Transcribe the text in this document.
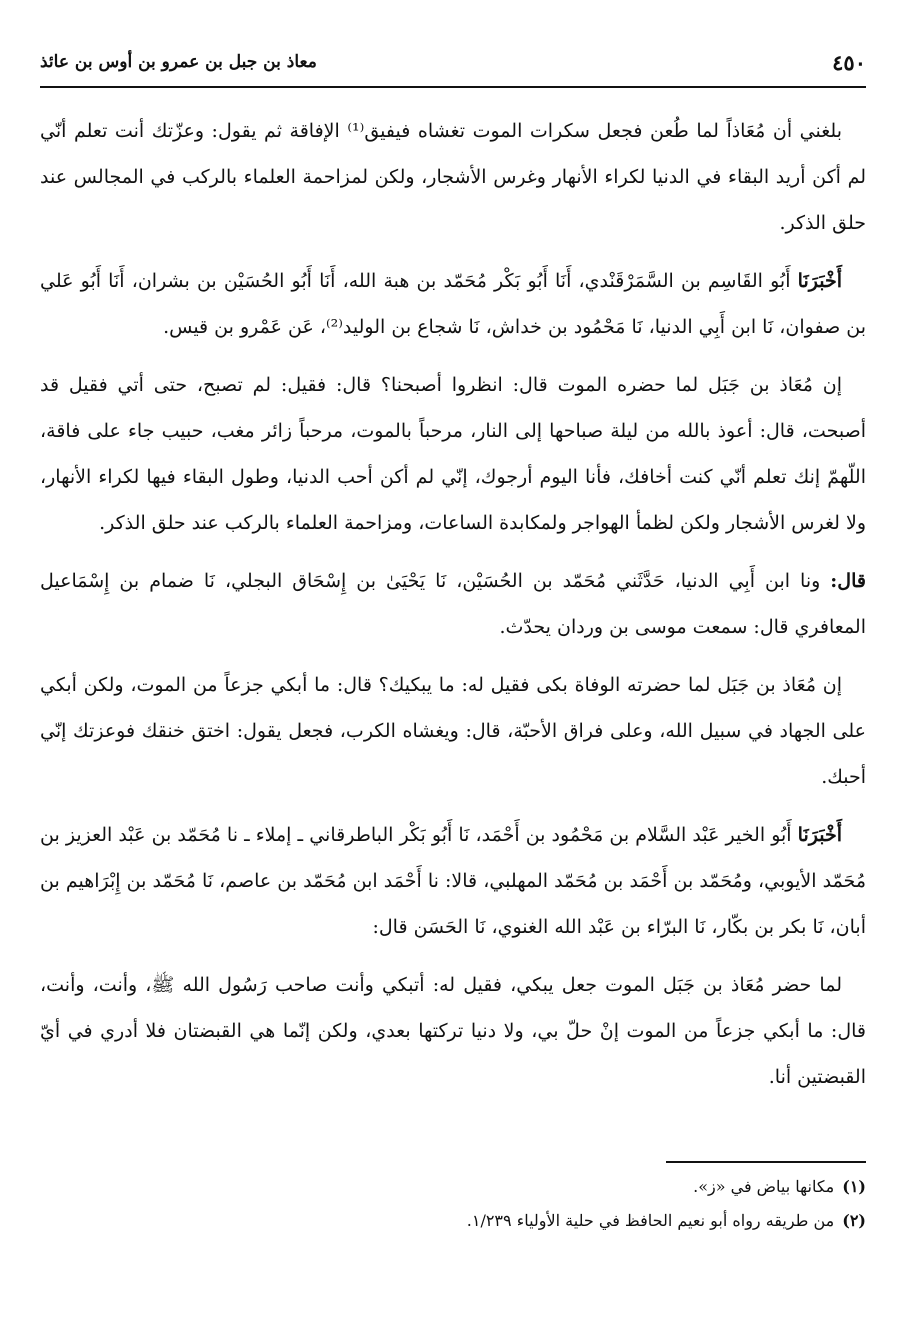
٤٥٠
معاذ بن جبل بن عمرو بن أوس بن عائذ

بلغني أن مُعَاذاً لما طُعن فجعل سكرات الموت تغشاه فيفيق⁽¹⁾ الإفاقة ثم يقول: وعزّتك أنت تعلم أنّي لم أكن أريد البقاء في الدنيا لكراء الأنهار وغرس الأشجار، ولكن لمزاحمة العلماء بالركب في المجالس عند حلق الذكر.

أَخْبَرَنَا أَبُو القَاسِم بن السَّمَرْقَنْدي، أَنَا أَبُو بَكْر مُحَمّد بن هبة الله، أَنَا أَبُو الحُسَيْن بن بشران، أَنَا أَبُو عَلي بن صفوان، نَا ابن أَبِي الدنيا، نَا مَحْمُود بن خداش، نَا شجاع بن الوليد⁽²⁾، عَن عَمْرو بن قيس.

إن مُعَاذ بن جَبَل لما حضره الموت قال: انظروا أصبحنا؟ قال: فقيل: لم تصبح، حتى أتي فقيل قد أصبحت، قال: أعوذ بالله من ليلة صباحها إلى النار، مرحباً بالموت، مرحباً زائر مغب، حبيب جاء على فاقة، اللّهمّ إنك تعلم أنّي كنت أخافك، فأنا اليوم أرجوك، إنّي لم أكن أحب الدنيا، وطول البقاء فيها لكراء الأنهار، ولا لغرس الأشجار ولكن لظمأ الهواجر ولمكابدة الساعات، ومزاحمة العلماء بالركب عند حلق الذكر.

قال: ونا ابن أَبِي الدنيا، حَدَّثَني مُحَمّد بن الحُسَيْن، نَا يَحْيَىٰ بن إِسْحَاق البجلي، نَا ضمام بن إِسْمَاعيل المعافري قال: سمعت موسى بن وردان يحدّث.

إن مُعَاذ بن جَبَل لما حضرته الوفاة بكى فقيل له: ما يبكيك؟ قال: ما أبكي جزعاً من الموت، ولكن أبكي على الجهاد في سبيل الله، وعلى فراق الأحبّة، قال: ويغشاه الكرب، فجعل يقول: اختق خنقك فوعزتك إنّي أحبك.

أَخْبَرَنَا أَبُو الخير عَبْد السَّلام بن مَحْمُود بن أَحْمَد، نَا أَبُو بَكْر الباطرقاني ـ إملاء ـ نا مُحَمّد بن عَبْد العزيز بن مُحَمّد الأيوبي، ومُحَمّد بن أَحْمَد بن مُحَمّد المهلبي، قالا: نا أَحْمَد ابن مُحَمّد بن عاصم، نَا مُحَمّد بن إِبْرَاهيم بن أبان، نَا بكر بن بكّار، نَا البرّاء بن عَبْد الله الغنوي، نَا الحَسَن قال:

لما حضر مُعَاذ بن جَبَل الموت جعل يبكي، فقيل له: أتبكي وأنت صاحب رَسُول الله ﷺ، وأنت، وأنت، قال: ما أبكي جزعاً من الموت إنْ حلّ بي، ولا دنيا تركتها بعدي، ولكن إنّما هي القبضتان فلا أدري في أيّ القبضتين أنا.

(١)مكانها بياض في «ز».

(٢)من طريقه رواه أبو نعيم الحافظ في حلية الأولياء ١/٢٣٩.
